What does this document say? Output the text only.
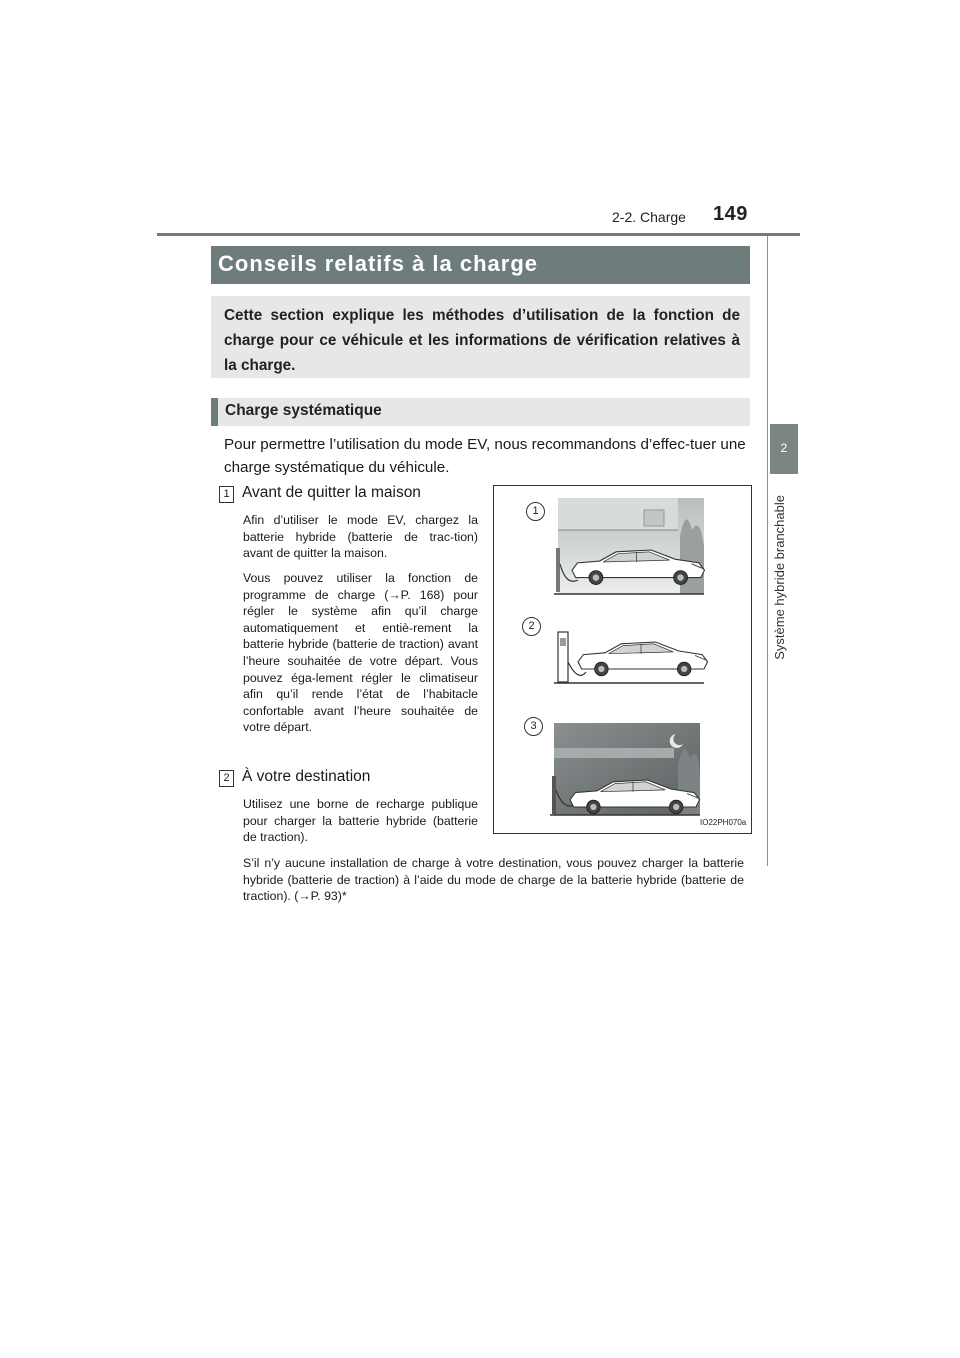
2-2. Charge 149
2
Système hybride branchable
Conseils relatifs à la charge
Cette section explique les méthodes d’utilisation de la fonction de charge pour ce véhicule et les informations de vérification relatives à la charge.
Charge systématique
Pour permettre l’utilisation du mode EV, nous recommandons d’effec-tuer une charge systématique du véhicule.
1 Avant de quitter la maison
Afin d’utiliser le mode EV, chargez la batterie hybride (batterie de trac-tion) avant de quitter la maison.
Vous pouvez utiliser la fonction de programme de charge (→P. 168) pour régler le système afin qu’il charge automatiquement et entiè-rement la batterie hybride (batterie de traction) avant l’heure souhaitée de votre départ. Vous pouvez éga-lement régler le climatiseur afin qu’il rende l’état de l’habitacle confortable avant l’heure souhaitée de votre départ.
2 À votre destination
Utilisez une borne de recharge publique pour charger la batterie hybride (batterie de traction).
S’il n’y aucune installation de charge à votre destination, vous pouvez charger la batterie hybride (batterie de traction) à l’aide du mode de charge de la batterie hybride (batterie de traction). (→P. 93)*
1
2
3
IO22PH070a
